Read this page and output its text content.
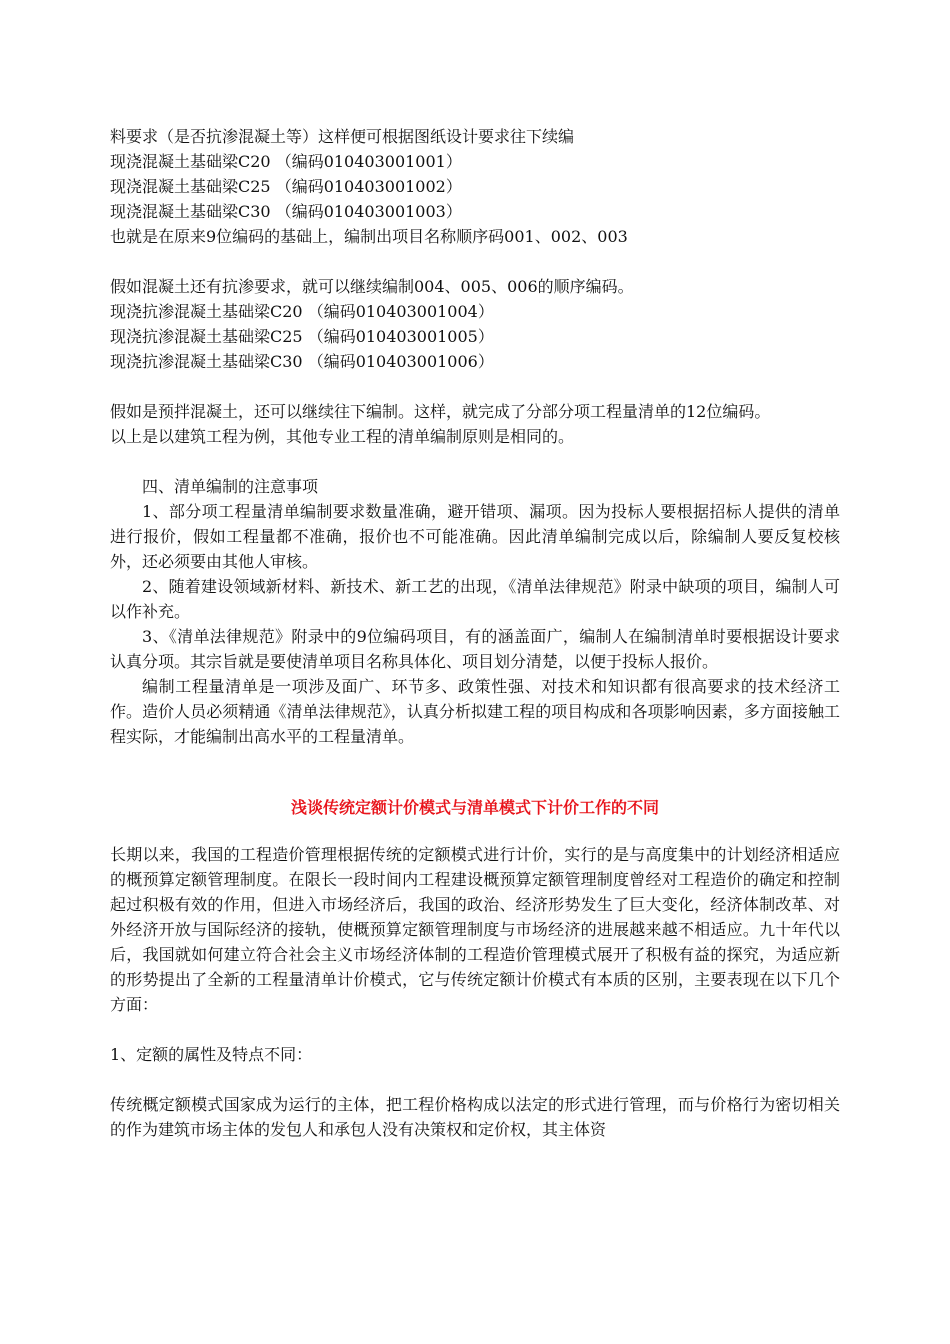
料要求（是否抗渗混凝土等）这样便可根据图纸设计要求往下续编
现浇混凝土基础梁C20 （编码010403001001）
现浇混凝土基础梁C25 （编码010403001002）
现浇混凝土基础梁C30 （编码010403001003）
也就是在原来9位编码的基础上，编制出项目名称顺序码001、002、003
假如混凝土还有抗渗要求，就可以继续编制004、005、006的顺序编码。
现浇抗渗混凝土基础梁C20 （编码010403001004）
现浇抗渗混凝土基础梁C25 （编码010403001005）
现浇抗渗混凝土基础梁C30 （编码010403001006）

假如是预拌混凝土，还可以继续往下编制。这样，就完成了分部分项工程量清单的12位编码。

以上是以建筑工程为例，其他专业工程的清单编制原则是相同的。

四、清单编制的注意事项

1、部分项工程量清单编制要求数量准确，避开错项、漏项。因为投标人要根据招标人提供的清单进行报价，假如工程量都不准确，报价也不可能准确。因此清单编制完成以后，除编制人要反复校核外，还必须要由其他人审核。

2、随着建设领域新材料、新技术、新工艺的出现，《清单法律规范》附录中缺项的项目，编制人可以作补充。

3、《清单法律规范》附录中的9位编码项目，有的涵盖面广，编制人在编制清单时要根据设计要求认真分项。其宗旨就是要使清单项目名称具体化、项目划分清楚，以便于投标人报价。

编制工程量清单是一项涉及面广、环节多、政策性强、对技术和知识都有很高要求的技术经济工作。造价人员必须精通《清单法律规范》，认真分析拟建工程的项目构成和各项影响因素，多方面接触工程实际，才能编制出高水平的工程量清单。

浅谈传统定额计价模式与清单模式下计价工作的不同

长期以来，我国的工程造价管理根据传统的定额模式进行计价，实行的是与高度集中的计划经济相适应的概预算定额管理制度。在限长一段时间内工程建设概预算定额管理制度曾经对工程造价的确定和控制起过积极有效的作用，但进入市场经济后，我国的政治、经济形势发生了巨大变化，经济体制改革、对外经济开放与国际经济的接轨，使概预算定额管理制度与市场经济的进展越来越不相适应。九十年代以后，我国就如何建立符合社会主义市场经济体制的工程造价管理模式展开了积极有益的探究，为适应新的形势提出了全新的工程量清单计价模式，它与传统定额计价模式有本质的区别，主要表现在以下几个方面：

1、定额的属性及特点不同：

传统概定额模式国家成为运行的主体，把工程价格构成以法定的形式进行管理，而与价格行为密切相关的作为建筑市场主体的发包人和承包人没有决策权和定价权，其主体资
